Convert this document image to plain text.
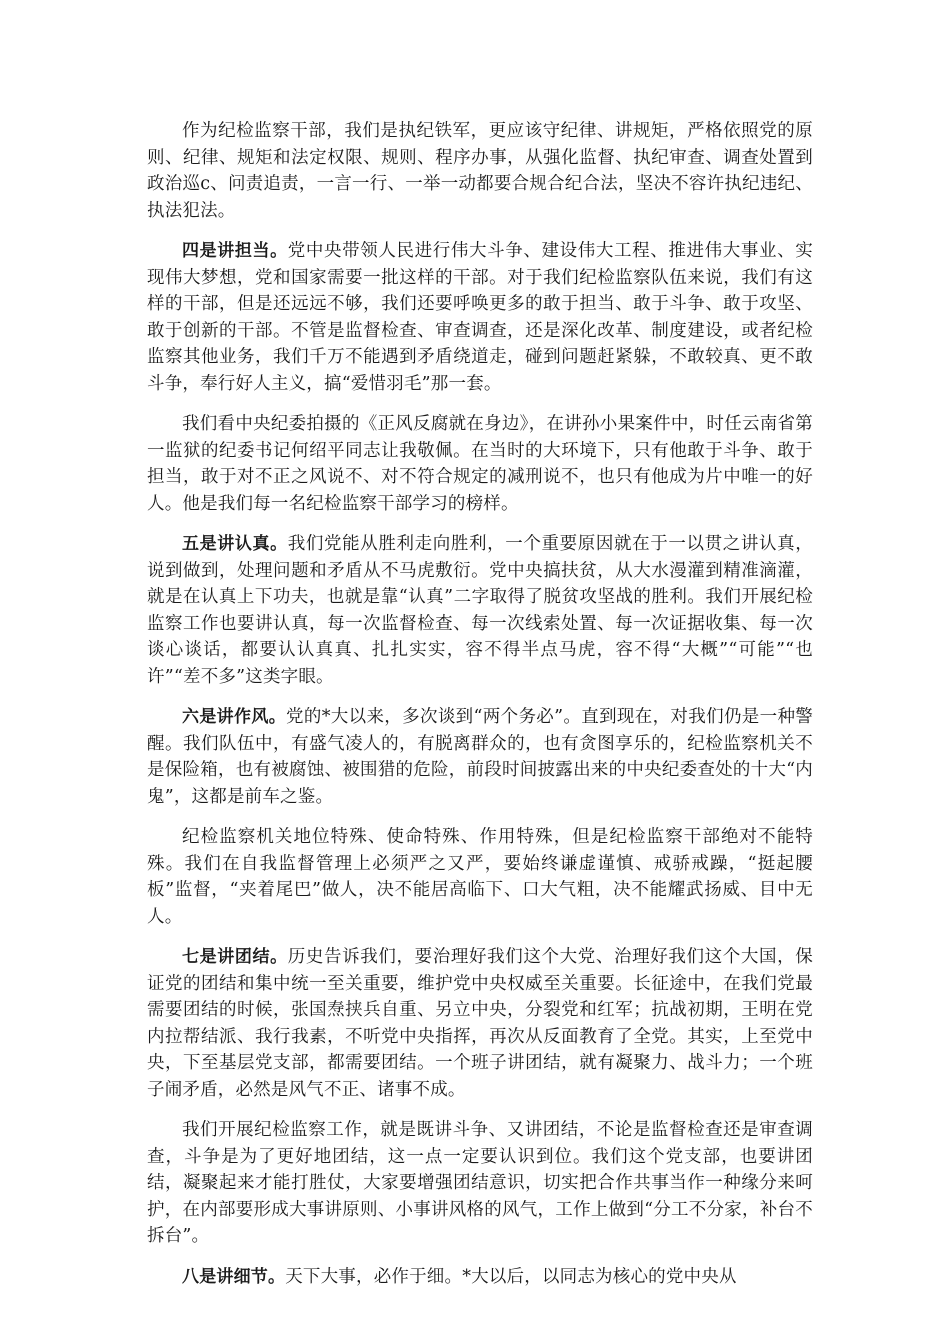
作为纪检监察干部，我们是执纪铁军，更应该守纪律、讲规矩，严格依照党的原则、纪律、规矩和法定权限、规则、程序办事，从强化监督、执纪审查、调查处置到政治巡c、问责追责，一言一行、一举一动都要合规合纪合法，坚决不容许执纪违纪、执法犯法。

四是讲担当。党中央带领人民进行伟大斗争、建设伟大工程、推进伟大事业、实现伟大梦想，党和国家需要一批这样的干部。对于我们纪检监察队伍来说，我们有这样的干部，但是还远远不够，我们还要呼唤更多的敢于担当、敢于斗争、敢于攻坚、敢于创新的干部。不管是监督检查、审查调查，还是深化改革、制度建设，或者纪检监察其他业务，我们千万不能遇到矛盾绕道走，碰到问题赶紧躲，不敢较真、更不敢斗争，奉行好人主义，搞“爱惜羽毛”那一套。

我们看中央纪委拍摄的《正风反腐就在身边》，在讲孙小果案件中，时任云南省第一监狱的纪委书记何绍平同志让我敬佩。在当时的大环境下，只有他敢于斗争、敢于担当，敢于对不正之风说不、对不符合规定的减刑说不，也只有他成为片中唯一的好人。他是我们每一名纪检监察干部学习的榜样。

五是讲认真。我们党能从胜利走向胜利，一个重要原因就在于一以贯之讲认真，说到做到，处理问题和矛盾从不马虎敷衍。党中央搞扶贫，从大水漫灌到精准滴灌，就是在认真上下功夫，也就是靠“认真”二字取得了脱贫攻坚战的胜利。我们开展纪检监察工作也要讲认真，每一次监督检查、每一次线索处置、每一次证据收集、每一次谈心谈话，都要认认真真、扎扎实实，容不得半点马虎，容不得“大概”“可能”“也许”“差不多”这类字眼。

六是讲作风。党的*大以来，多次谈到“两个务必”。直到现在，对我们仍是一种警醒。我们队伍中，有盛气凌人的，有脱离群众的，也有贪图享乐的，纪检监察机关不是保险箱，也有被腐蚀、被围猎的危险，前段时间披露出来的中央纪委查处的十大“内鬼”，这都是前车之鉴。

纪检监察机关地位特殊、使命特殊、作用特殊，但是纪检监察干部绝对不能特殊。我们在自我监督管理上必须严之又严，要始终谦虚谨慎、戒骄戒躁，“挺起腰板”监督，“夹着尾巴”做人，决不能居高临下、口大气粗，决不能耀武扬威、目中无人。

七是讲团结。历史告诉我们，要治理好我们这个大党、治理好我们这个大国，保证党的团结和集中统一至关重要，维护党中央权威至关重要。长征途中，在我们党最需要团结的时候，张国焘挟兵自重、另立中央，分裂党和红军；抗战初期，王明在党内拉帮结派、我行我素，不听党中央指挥，再次从反面教育了全党。其实，上至党中央，下至基层党支部，都需要团结。一个班子讲团结，就有凝聚力、战斗力；一个班子闹矛盾，必然是风气不正、诸事不成。

我们开展纪检监察工作，就是既讲斗争、又讲团结，不论是监督检查还是审查调查，斗争是为了更好地团结，这一点一定要认识到位。我们这个党支部，也要讲团结，凝聚起来才能打胜仗，大家要增强团结意识，切实把合作共事当作一种缘分来呵护，在内部要形成大事讲原则、小事讲风格的风气，工作上做到“分工不分家，补台不拆台”。

八是讲细节。天下大事，必作于细。*大以后，以同志为核心的党中央从
